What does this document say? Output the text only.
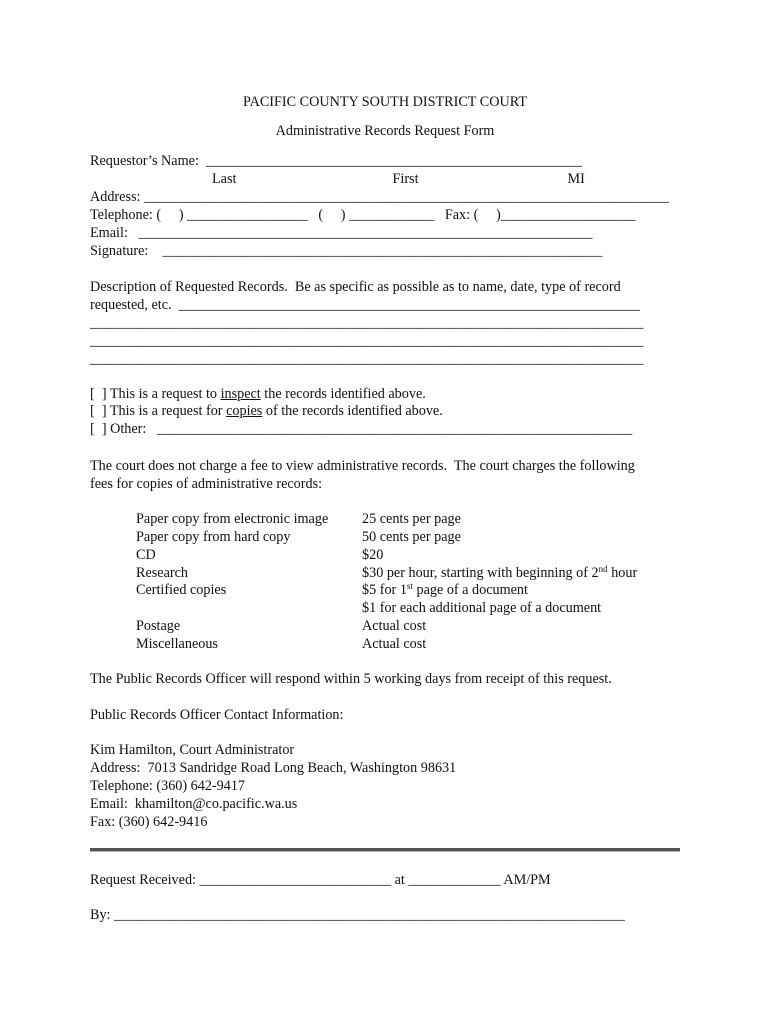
PACIFIC COUNTY SOUTH DISTRICT COURT
Administrative Records Request Form
Requestor’s Name:  _____________________________________________________
Last                                            First                                          MI
Address: __________________________________________________________________________
Telephone: (     ) _________________   (     ) ____________   Fax: (     )___________________
Email:   ________________________________________________________________
Signature:    ______________________________________________________________
Description of Requested Records.  Be as specific as possible as to name, date, type of record
requested, etc.  _________________________________________________________________
______________________________________________________________________________
______________________________________________________________________________
______________________________________________________________________________
[  ] This is a request to inspect the records identified above.
[  ] This is a request for copies of the records identified above.
[  ] Other:   ___________________________________________________________________
The court does not charge a fee to view administrative records.  The court charges the following
fees for copies of administrative records:
Paper copy from electronic image
Paper copy from hard copy
CD
Research
Certified copies
Postage
Miscellaneous
25 cents per page
50 cents per page
$20
$30 per hour, starting with beginning of 2nd hour
$5 for 1st page of a document
$1 for each additional page of a document
Actual cost
Actual cost
The Public Records Officer will respond within 5 working days from receipt of this request.
Public Records Officer Contact Information:
Kim Hamilton, Court Administrator
Address:  7013 Sandridge Road Long Beach, Washington 98631
Telephone: (360) 642-9417
Email:  khamilton@co.pacific.wa.us
Fax: (360) 642-9416
Request Received: ___________________________ at _____________ AM/PM
By: ________________________________________________________________________
